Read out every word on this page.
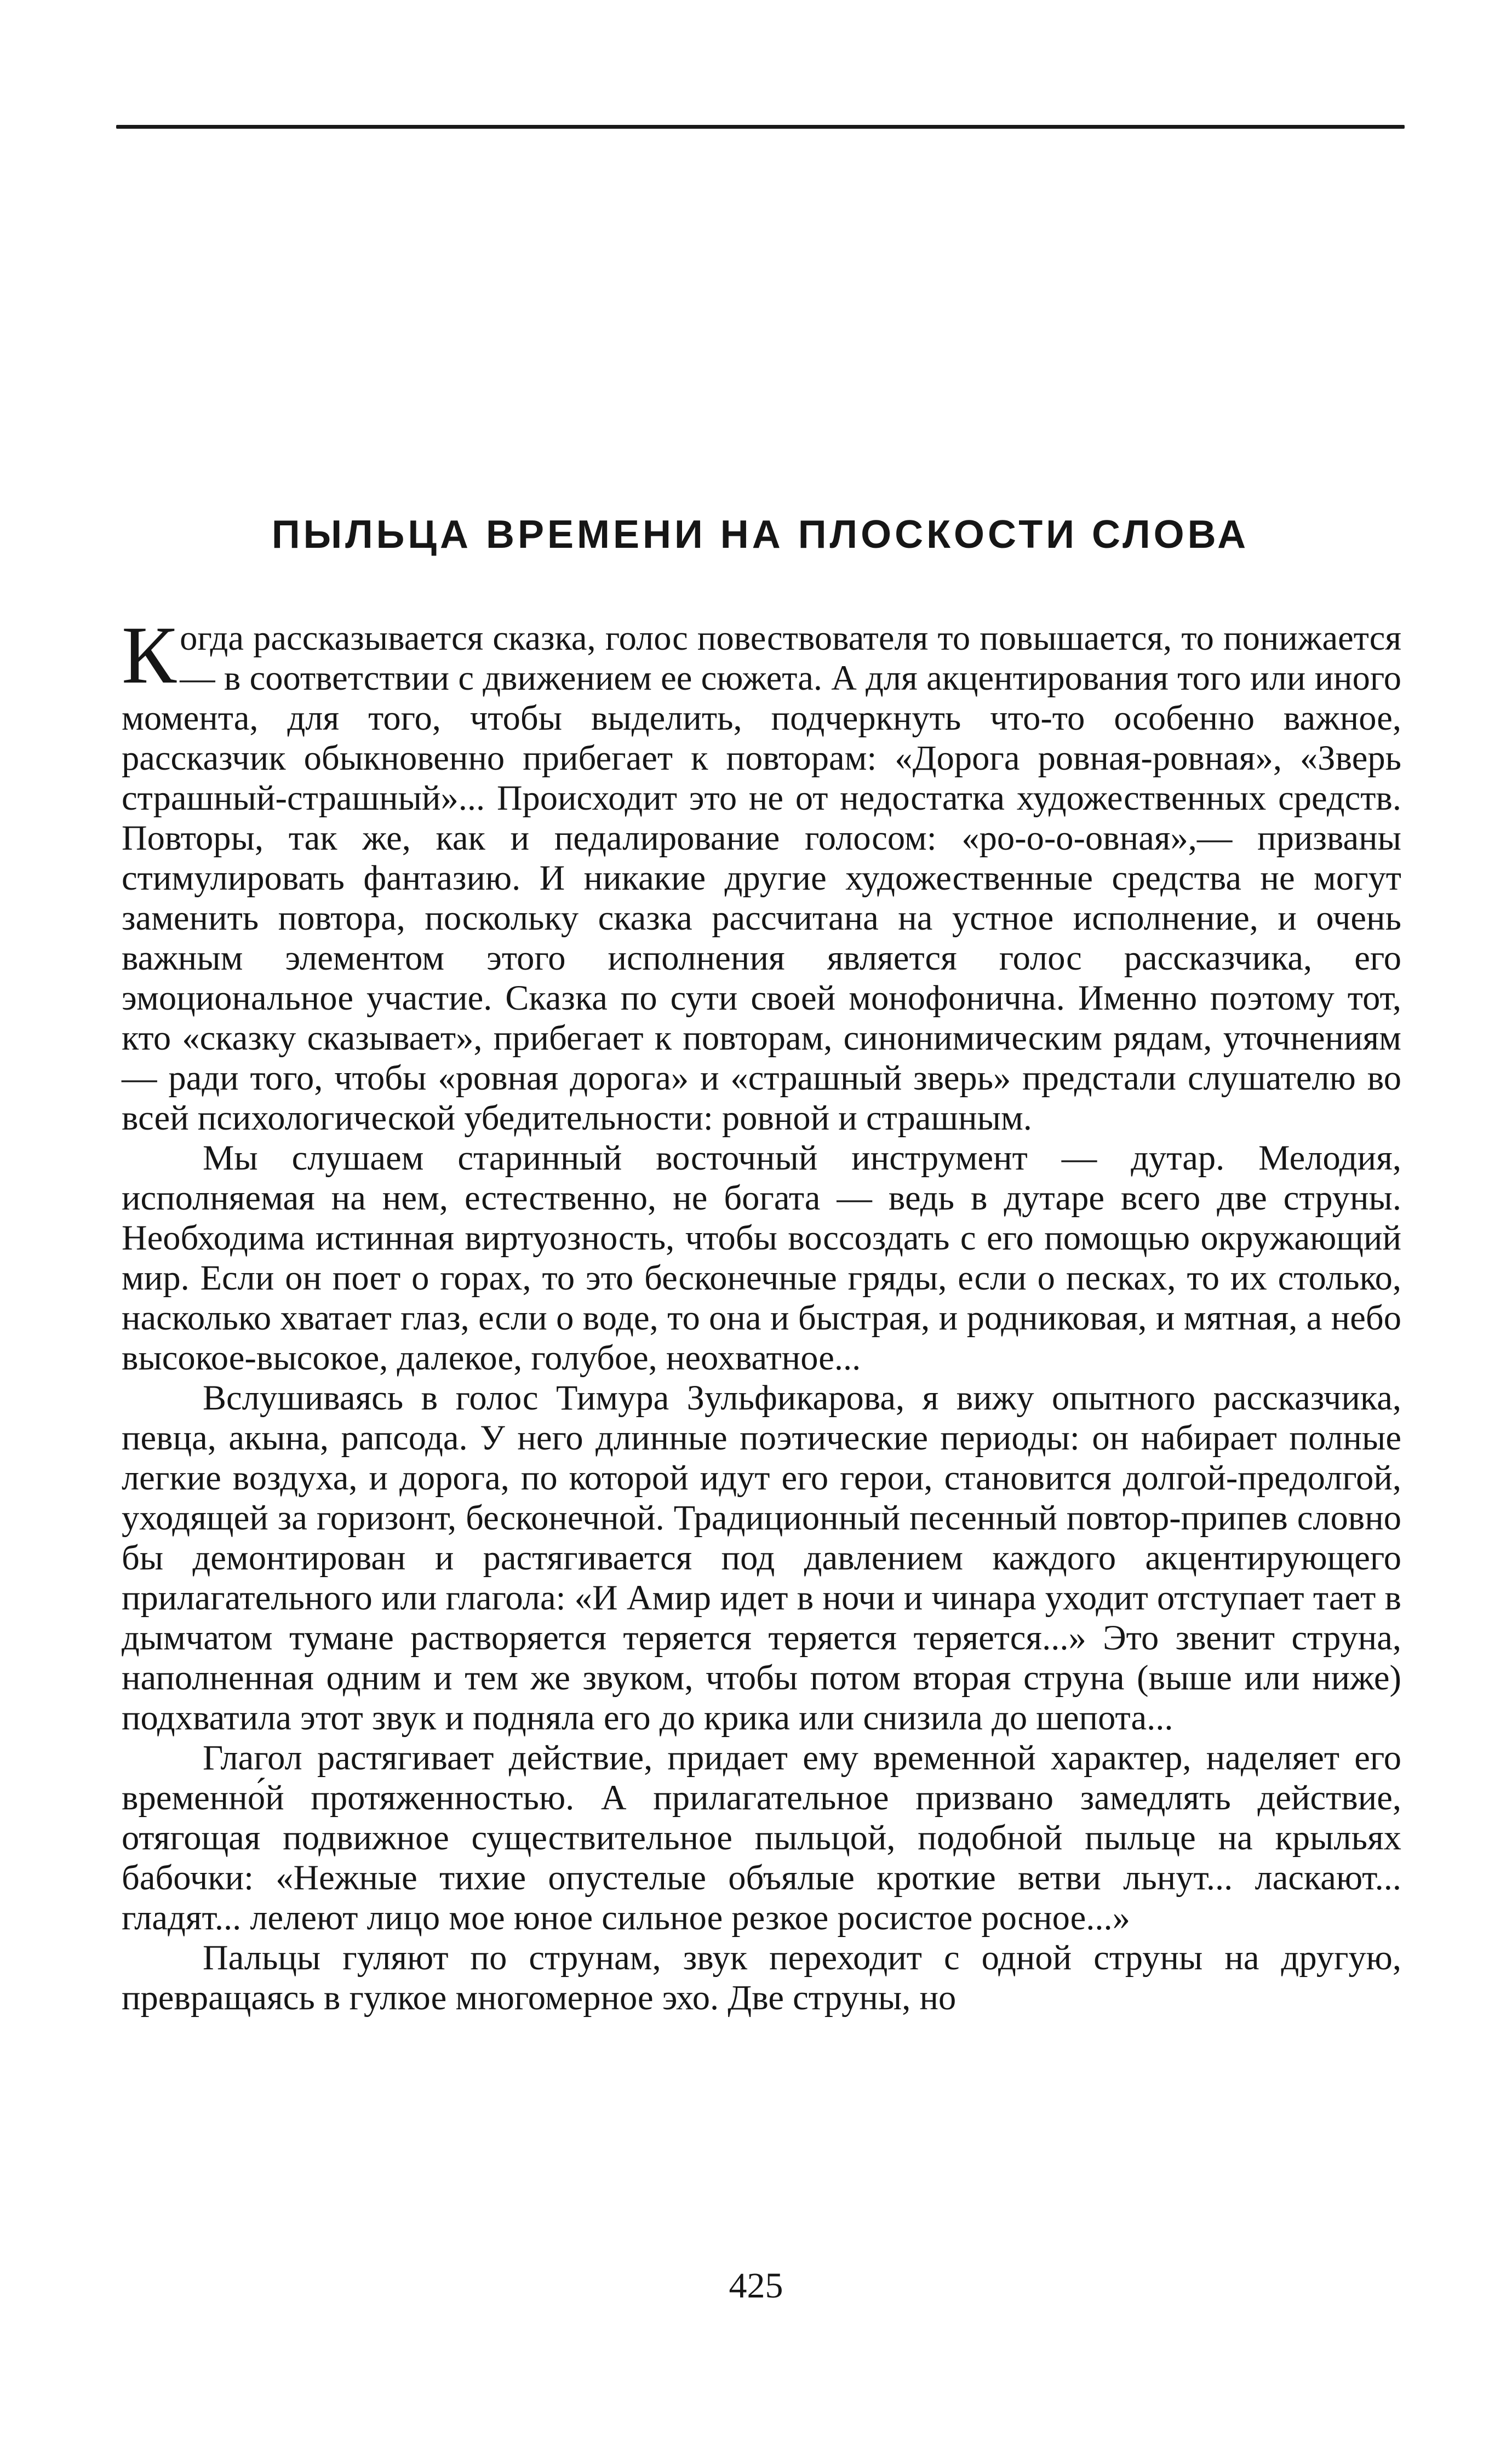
ПЫЛЬЦА ВРЕМЕНИ НА ПЛОСКОСТИ СЛОВА

Когда рассказывается сказка, голос повествователя то повышается, то понижается — в соответствии с движением ее сюжета. А для акцентирования того или иного момента, для того, чтобы выделить, подчеркнуть что-то особенно важное, рассказчик обыкновенно прибегает к повторам: «Дорога ровная-ровная», «Зверь страшный-страшный»... Происходит это не от недостатка художественных средств. Повторы, так же, как и педалирование голосом: «ро-о-о-овная»,— призваны стимулировать фантазию. И никакие другие художественные средства не могут заменить повтора, поскольку сказка рассчитана на устное исполнение, и очень важным элементом этого исполнения является голос рассказчика, его эмоциональное участие. Сказка по сути своей монофонична. Именно поэтому тот, кто «сказку сказывает», прибегает к повторам, синонимическим рядам, уточнениям — ради того, чтобы «ровная дорога» и «страшный зверь» предстали слушателю во всей психологической убедительности: ровной и страшным.

Мы слушаем старинный восточный инструмент — дутар. Мелодия, исполняемая на нем, естественно, не богата — ведь в дутаре всего две струны. Необходима истинная виртуозность, чтобы воссоздать с его помощью окружающий мир. Если он поет о горах, то это бесконечные гряды, если о песках, то их столько, насколько хватает глаз, если о воде, то она и быстрая, и родниковая, и мятная, а небо высокое-высокое, далекое, голубое, неохватное...

Вслушиваясь в голос Тимура Зульфикарова, я вижу опытного рассказчика, певца, акына, рапсода. У него длинные поэтические периоды: он набирает полные легкие воздуха, и дорога, по которой идут его герои, становится долгой-предолгой, уходящей за горизонт, бесконечной. Традиционный песенный повтор-припев словно бы демонтирован и растягивается под давлением каждого акцентирующего прилагательного или глагола: «И Амир идет в ночи и чинара уходит отступает тает в дымчатом тумане растворяется теряется теряется теряется...» Это звенит струна, наполненная одним и тем же звуком, чтобы потом вторая струна (выше или ниже) подхватила этот звук и подняла его до крика или снизила до шепота...

Глагол растягивает действие, придает ему временной характер, наделяет его временно́й протяженностью. А прилагательное призвано замедлять действие, отягощая подвижное существительное пыльцой, подобной пыльце на крыльях бабочки: «Нежные тихие опустелые объялые кроткие ветви льнут... ласкают... гладят... лелеют лицо мое юное сильное резкое росистое росное...»

Пальцы гуляют по струнам, звук переходит с одной струны на другую, превращаясь в гулкое многомерное эхо. Две струны, но

425
